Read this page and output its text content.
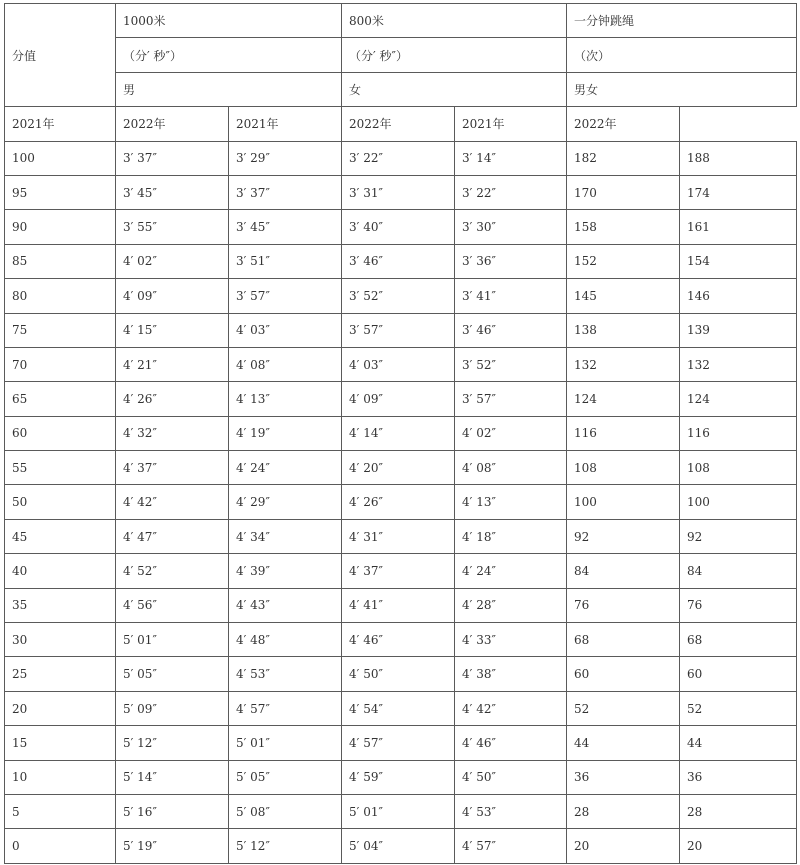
分值	1000米		800米		一分钟跳绳	
	（分′ 秒″）		（分′ 秒″）		（次）	
	男		女		男女	
2021年	2022年	2021年	2022年	2021年	2022年	
100	3′ 37″	3′ 29″	3′ 22″	3′ 14″	182	188
95	3′ 45″	3′ 37″	3′ 31″	3′ 22″	170	174
90	3′ 55″	3′ 45″	3′ 40″	3′ 30″	158	161
85	4′ 02″	3′ 51″	3′ 46″	3′ 36″	152	154
80	4′ 09″	3′ 57″	3′ 52″	3′ 41″	145	146
75	4′ 15″	4′ 03″	3′ 57″	3′ 46″	138	139
70	4′ 21″	4′ 08″	4′ 03″	3′ 52″	132	132
65	4′ 26″	4′ 13″	4′ 09″	3′ 57″	124	124
60	4′ 32″	4′ 19″	4′ 14″	4′ 02″	116	116
55	4′ 37″	4′ 24″	4′ 20″	4′ 08″	108	108
50	4′ 42″	4′ 29″	4′ 26″	4′ 13″	100	100
45	4′ 47″	4′ 34″	4′ 31″	4′ 18″	92	92
40	4′ 52″	4′ 39″	4′ 37″	4′ 24″	84	84
35	4′ 56″	4′ 43″	4′ 41″	4′ 28″	76	76
30	5′ 01″	4′ 48″	4′ 46″	4′ 33″	68	68
25	5′ 05″	4′ 53″	4′ 50″	4′ 38″	60	60
20	5′ 09″	4′ 57″	4′ 54″	4′ 42″	52	52
15	5′ 12″	5′ 01″	4′ 57″	4′ 46″	44	44
10	5′ 14″	5′ 05″	4′ 59″	4′ 50″	36	36
5	5′ 16″	5′ 08″	5′ 01″	4′ 53″	28	28
0	5′ 19″	5′ 12″	5′ 04″	4′ 57″	20	20
